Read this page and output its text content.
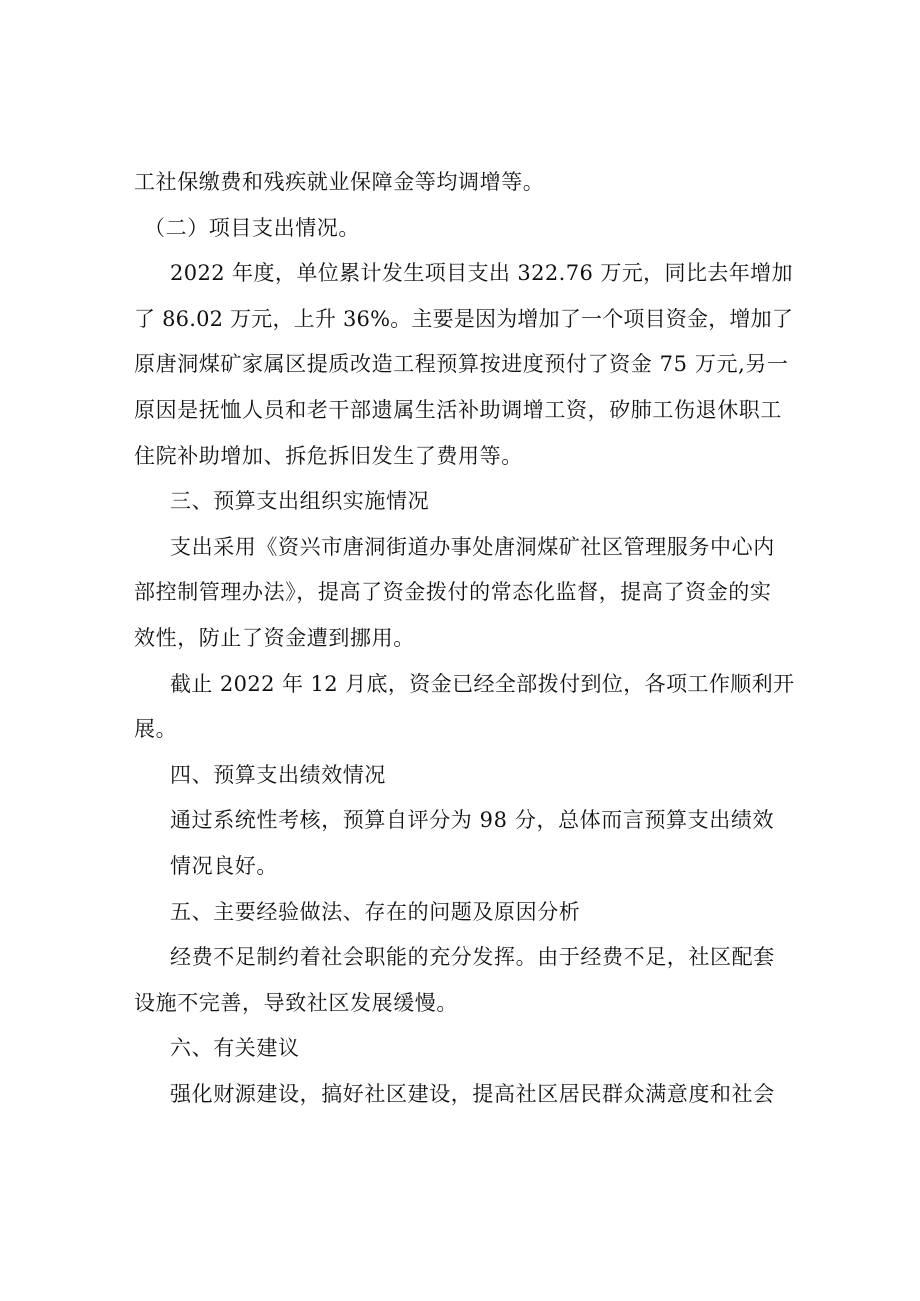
工社保缴费和残疾就业保障金等均调增等。
（二）项目支出情况。
2022 年度，单位累计发生项目支出 322.76 万元，同比去年增加
了 86.02 万元，上升 36%。主要是因为增加了一个项目资金，增加了
原唐洞煤矿家属区提质改造工程预算按进度预付了资金 75 万元,另一
原因是抚恤人员和老干部遗属生活补助调增工资，矽肺工伤退休职工
住院补助增加、拆危拆旧发生了费用等。
三、预算支出组织实施情况
支出采用《资兴市唐洞街道办事处唐洞煤矿社区管理服务中心内
部控制管理办法》，提高了资金拨付的常态化监督，提高了资金的实
效性，防止了资金遭到挪用。
截止 2022 年 12 月底，资金已经全部拨付到位，各项工作顺利开
展。
四、预算支出绩效情况
通过系统性考核，预算自评分为 98 分，总体而言预算支出绩效
情况良好。
五、主要经验做法、存在的问题及原因分析
经费不足制约着社会职能的充分发挥。由于经费不足，社区配套
设施不完善，导致社区发展缓慢。
六、有关建议
强化财源建设，搞好社区建设，提高社区居民群众满意度和社会
